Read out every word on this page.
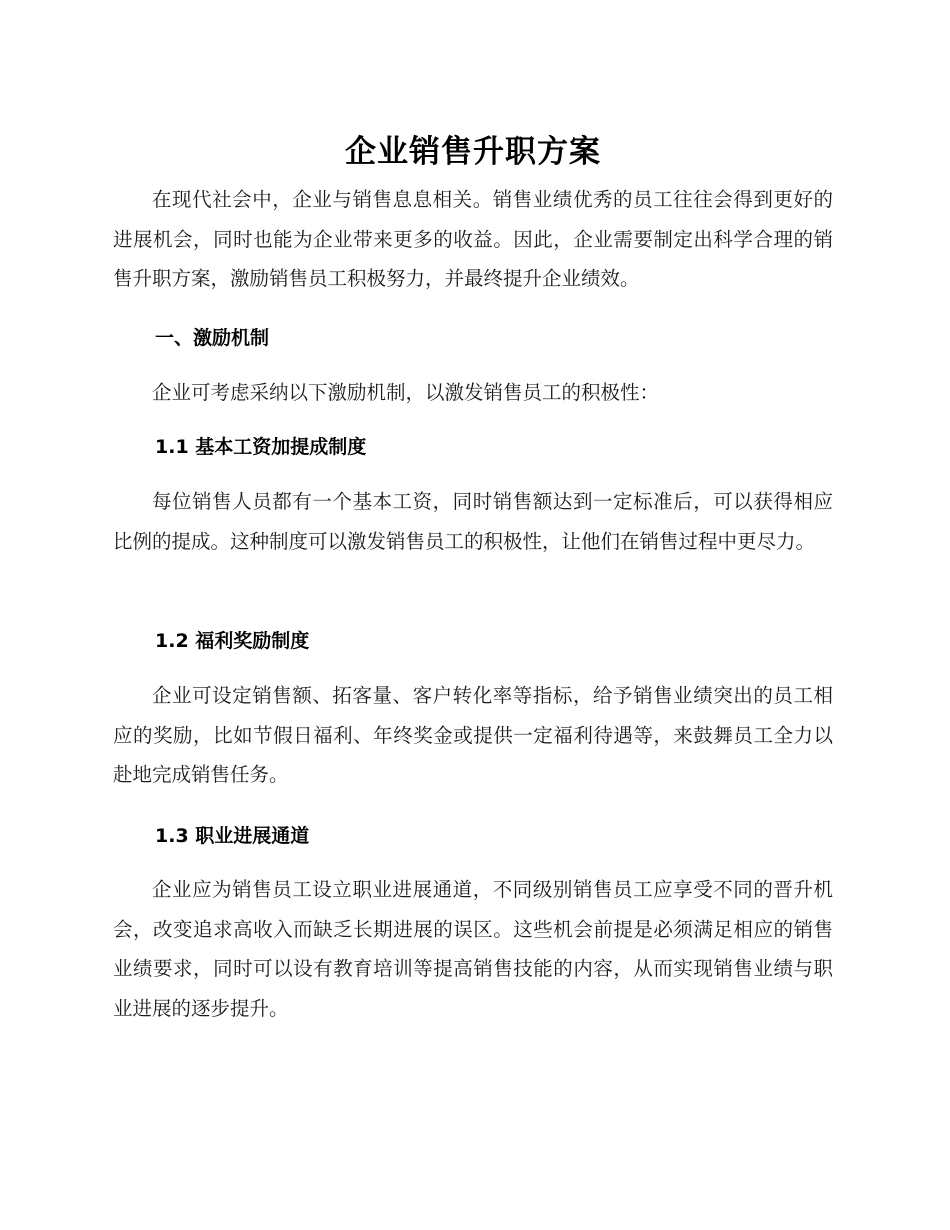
企业销售升职方案

在现代社会中，企业与销售息息相关。销售业绩优秀的员工往往会得到更好的进展机会，同时也能为企业带来更多的收益。因此，企业需要制定出科学合理的销售升职方案，激励销售员工积极努力，并最终提升企业绩效。

一、激励机制

企业可考虑采纳以下激励机制，以激发销售员工的积极性：

1.1 基本工资加提成制度

每位销售人员都有一个基本工资，同时销售额达到一定标准后，可以获得相应比例的提成。这种制度可以激发销售员工的积极性，让他们在销售过程中更尽力。

1.2 福利奖励制度

企业可设定销售额、拓客量、客户转化率等指标，给予销售业绩突出的员工相应的奖励，比如节假日福利、年终奖金或提供一定福利待遇等，来鼓舞员工全力以赴地完成销售任务。

1.3 职业进展通道

企业应为销售员工设立职业进展通道，不同级别销售员工应享受不同的晋升机会，改变追求高收入而缺乏长期进展的误区。这些机会前提是必须满足相应的销售业绩要求，同时可以设有教育培训等提高销售技能的内容，从而实现销售业绩与职业进展的逐步提升。
